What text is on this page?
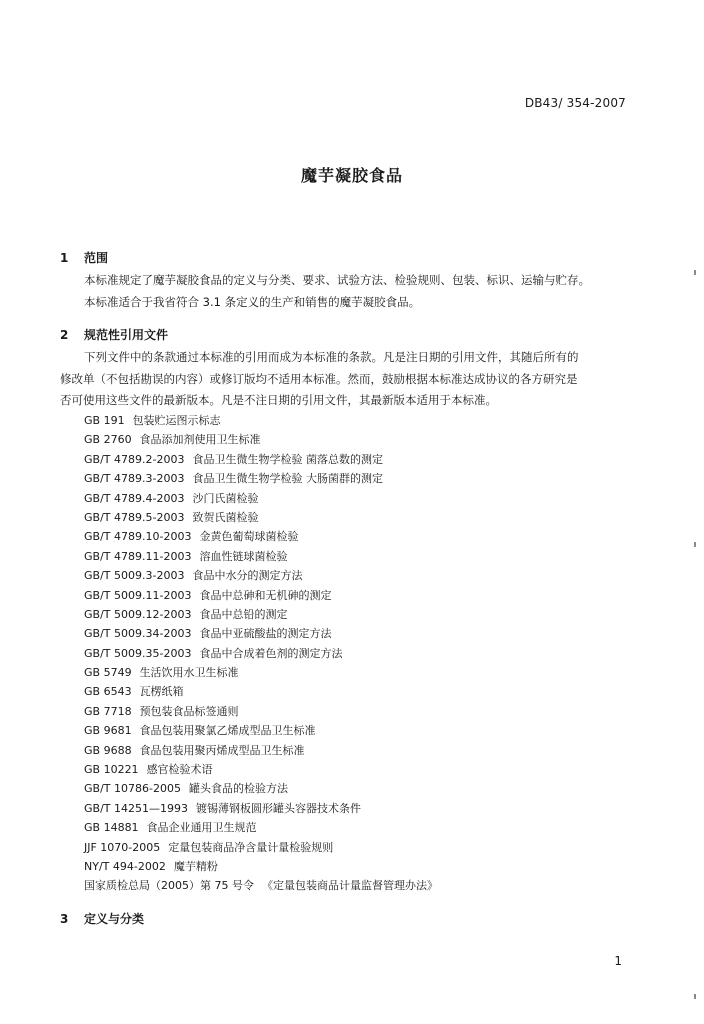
DB43/ 354-2007
魔芋凝胶食品
1 范围
本标准规定了魔芋凝胶食品的定义与分类、要求、试验方法、检验规则、包装、标识、运输与贮存。
本标准适合于我省符合 3.1 条定义的生产和销售的魔芋凝胶食品。
2 规范性引用文件
下列文件中的条款通过本标准的引用而成为本标准的条款。凡是注日期的引用文件，其随后所有的
修改单（不包括勘误的内容）或修订版均不适用本标准。然而，鼓励根据本标准达成协议的各方研究是
否可使用这些文件的最新版本。凡是不注日期的引用文件，其最新版本适用于本标准。
GB 191 包装贮运图示标志
GB 2760 食品添加剂使用卫生标准
GB/T 4789.2-2003 食品卫生微生物学检验 菌落总数的测定
GB/T 4789.3-2003 食品卫生微生物学检验 大肠菌群的测定
GB/T 4789.4-2003 沙门氏菌检验
GB/T 4789.5-2003 致贺氏菌检验
GB/T 4789.10-2003 金黄色葡萄球菌检验
GB/T 4789.11-2003 溶血性链球菌检验
GB/T 5009.3-2003 食品中水分的测定方法
GB/T 5009.11-2003 食品中总砷和无机砷的测定
GB/T 5009.12-2003 食品中总铅的测定
GB/T 5009.34-2003 食品中亚硫酸盐的测定方法
GB/T 5009.35-2003 食品中合成着色剂的测定方法
GB 5749 生活饮用水卫生标准
GB 6543 瓦楞纸箱
GB 7718 预包装食品标签通则
GB 9681 食品包装用聚氯乙烯成型品卫生标准
GB 9688 食品包装用聚丙烯成型品卫生标准
GB 10221 感官检验术语
GB/T 10786-2005 罐头食品的检验方法
GB/T 14251—1993 镀锡薄钢板圆形罐头容器技术条件
GB 14881 食品企业通用卫生规范
JJF 1070-2005 定量包装商品净含量计量检验规则
NY/T 494-2002 魔芋精粉
国家质检总局（2005）第 75 号令 《定量包装商品计量监督管理办法》
3 定义与分类
1
